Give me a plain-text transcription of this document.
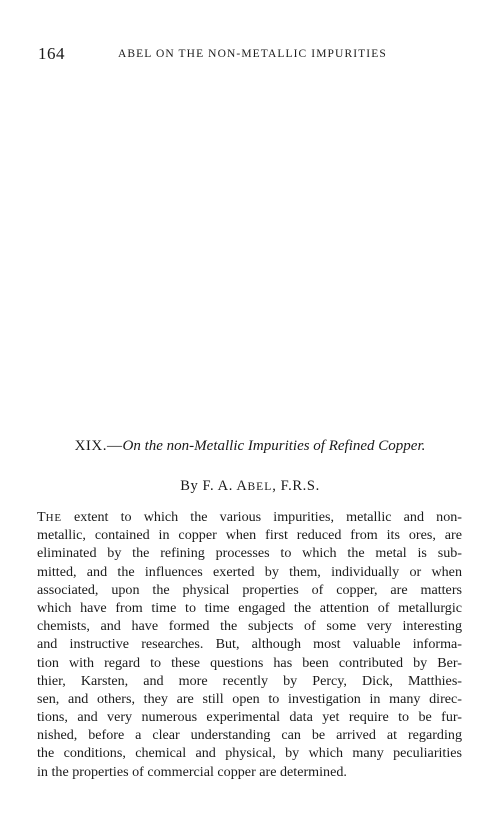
164	ABEL ON THE NON-METALLIC IMPURITIES
XIX.—On the non-Metallic Impurities of Refined Copper.
By F. A. ABEL, F.R.S.
THE extent to which the various impurities, metallic and non-
metallic, contained in copper when first reduced from its ores, are
eliminated by the refining processes to which the metal is sub-
mitted, and the influences exerted by them, individually or when
associated, upon the physical properties of copper, are matters
which have from time to time engaged the attention of metallurgic
chemists, and have formed the subjects of some very interesting
and instructive researches. But, although most valuable informa-
tion with regard to these questions has been contributed by Ber-
thier, Karsten, and more recently by Percy, Dick, Matthies-
sen, and others, they are still open to investigation in many direc-
tions, and very numerous experimental data yet require to be fur-
nished, before a clear understanding can be arrived at regarding
the conditions, chemical and physical, by which many peculiarities
in the properties of commercial copper are determined.
